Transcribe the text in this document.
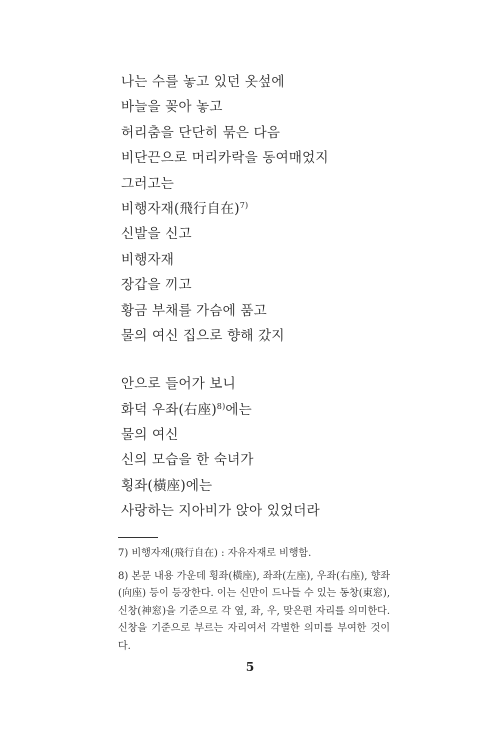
나는 수를 놓고 있던 옷섶에
바늘을 꽂아 놓고
허리춤을 단단히 묶은 다음
비단끈으로 머리카락을 동여매었지
그러고는
비행자재(飛行自在)$^{7)}$
신발을 신고
비행자재
장갑을 끼고
황금 부채를 가슴에 품고
물의 여신 집으로 향해 갔지
안으로 들어가 보니
화덕 우좌(右座)$^{8)}$에는
물의 여신
신의 모습을 한 숙녀가
횡좌(橫座)에는
사랑하는 지아비가 앉아 있었더라
7) 비행자재(飛行自在) : 자유자재로 비행함.
8) 본문 내용 가운데 횡좌(橫座), 좌좌(左座), 우좌(右座), 향좌(向座) 등이 등장한다. 이는 신만이 드나들 수 있는 동창(東窓), 신창(神窓)을 기준으로 각 옆, 좌, 우, 맞은편 자리를 의미한다. 신창을 기준으로 부르는 자리여서 각별한 의미를 부여한 것이다.
5
